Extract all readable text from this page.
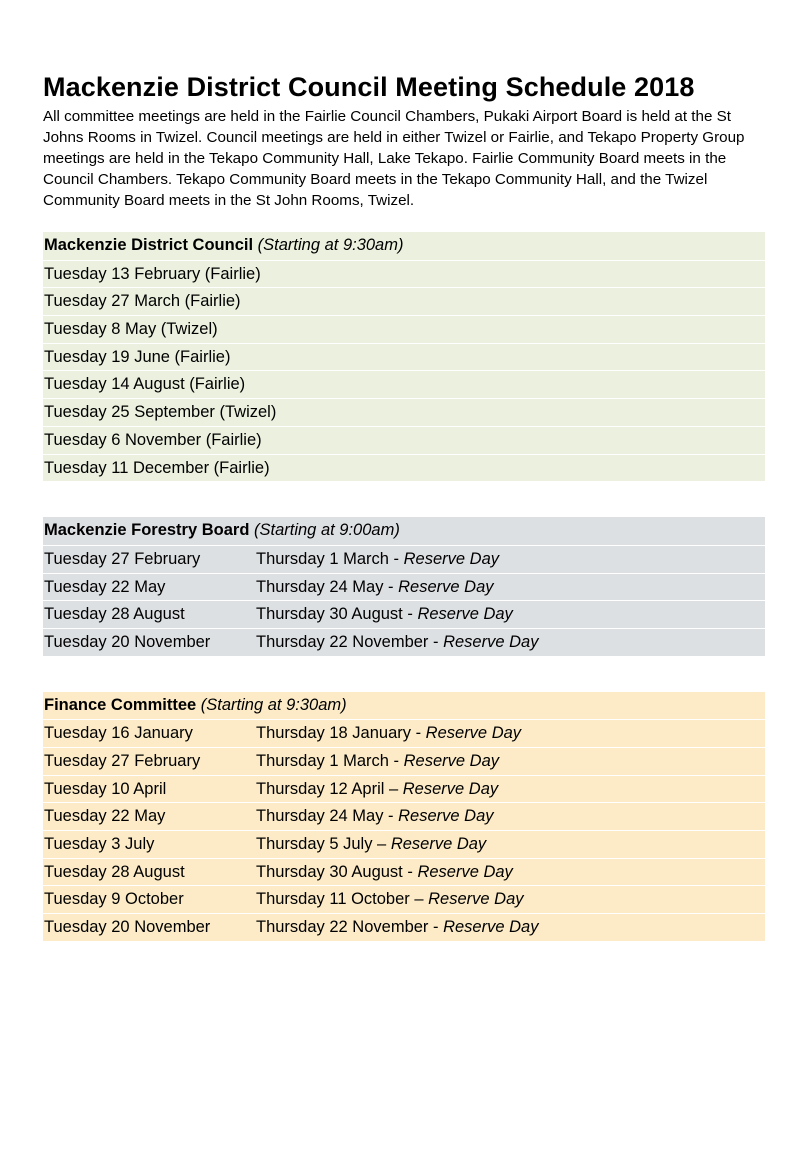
Mackenzie District Council Meeting Schedule 2018

All committee meetings are held in the Fairlie Council Chambers, Pukaki Airport Board is held at the St Johns Rooms in Twizel. Council meetings are held in either Twizel or Fairlie, and Tekapo Property Group meetings are held in the Tekapo Community Hall, Lake Tekapo. Fairlie Community Board meets in the Council Chambers. Tekapo Community Board meets in the Tekapo Community Hall, and the Twizel Community Board meets in the St John Rooms, Twizel.

Mackenzie District Council
(Starting at 9:30am)
Tuesday 13 February (Fairlie)
Tuesday 27 March (Fairlie)
Tuesday 8 May (Twizel)
Tuesday 19 June (Fairlie)
Tuesday 14 August (Fairlie)
Tuesday 25 September (Twizel)
Tuesday 6 November (Fairlie)
Tuesday 11 December (Fairlie)
Mackenzie Forestry Board
(Starting at 9:00am)
Tuesday 27 February	Thursday 1 March - Reserve Day
Tuesday 22 May	Thursday 24 May - Reserve Day
Tuesday 28 August	Thursday 30 August - Reserve Day
Tuesday 20 November	Thursday 22 November - Reserve Day
Finance Committee
(Starting at 9:30am)
Tuesday 16 January	Thursday 18 January - Reserve Day
Tuesday 27 February	Thursday 1 March - Reserve Day
Tuesday 10 April	Thursday 12 April – Reserve Day
Tuesday 22 May	Thursday 24 May - Reserve Day
Tuesday 3 July	Thursday 5 July – Reserve Day
Tuesday 28 August	Thursday 30 August - Reserve Day
Tuesday 9 October	Thursday 11 October – Reserve Day
Tuesday 20 November	Thursday 22 November - Reserve Day
